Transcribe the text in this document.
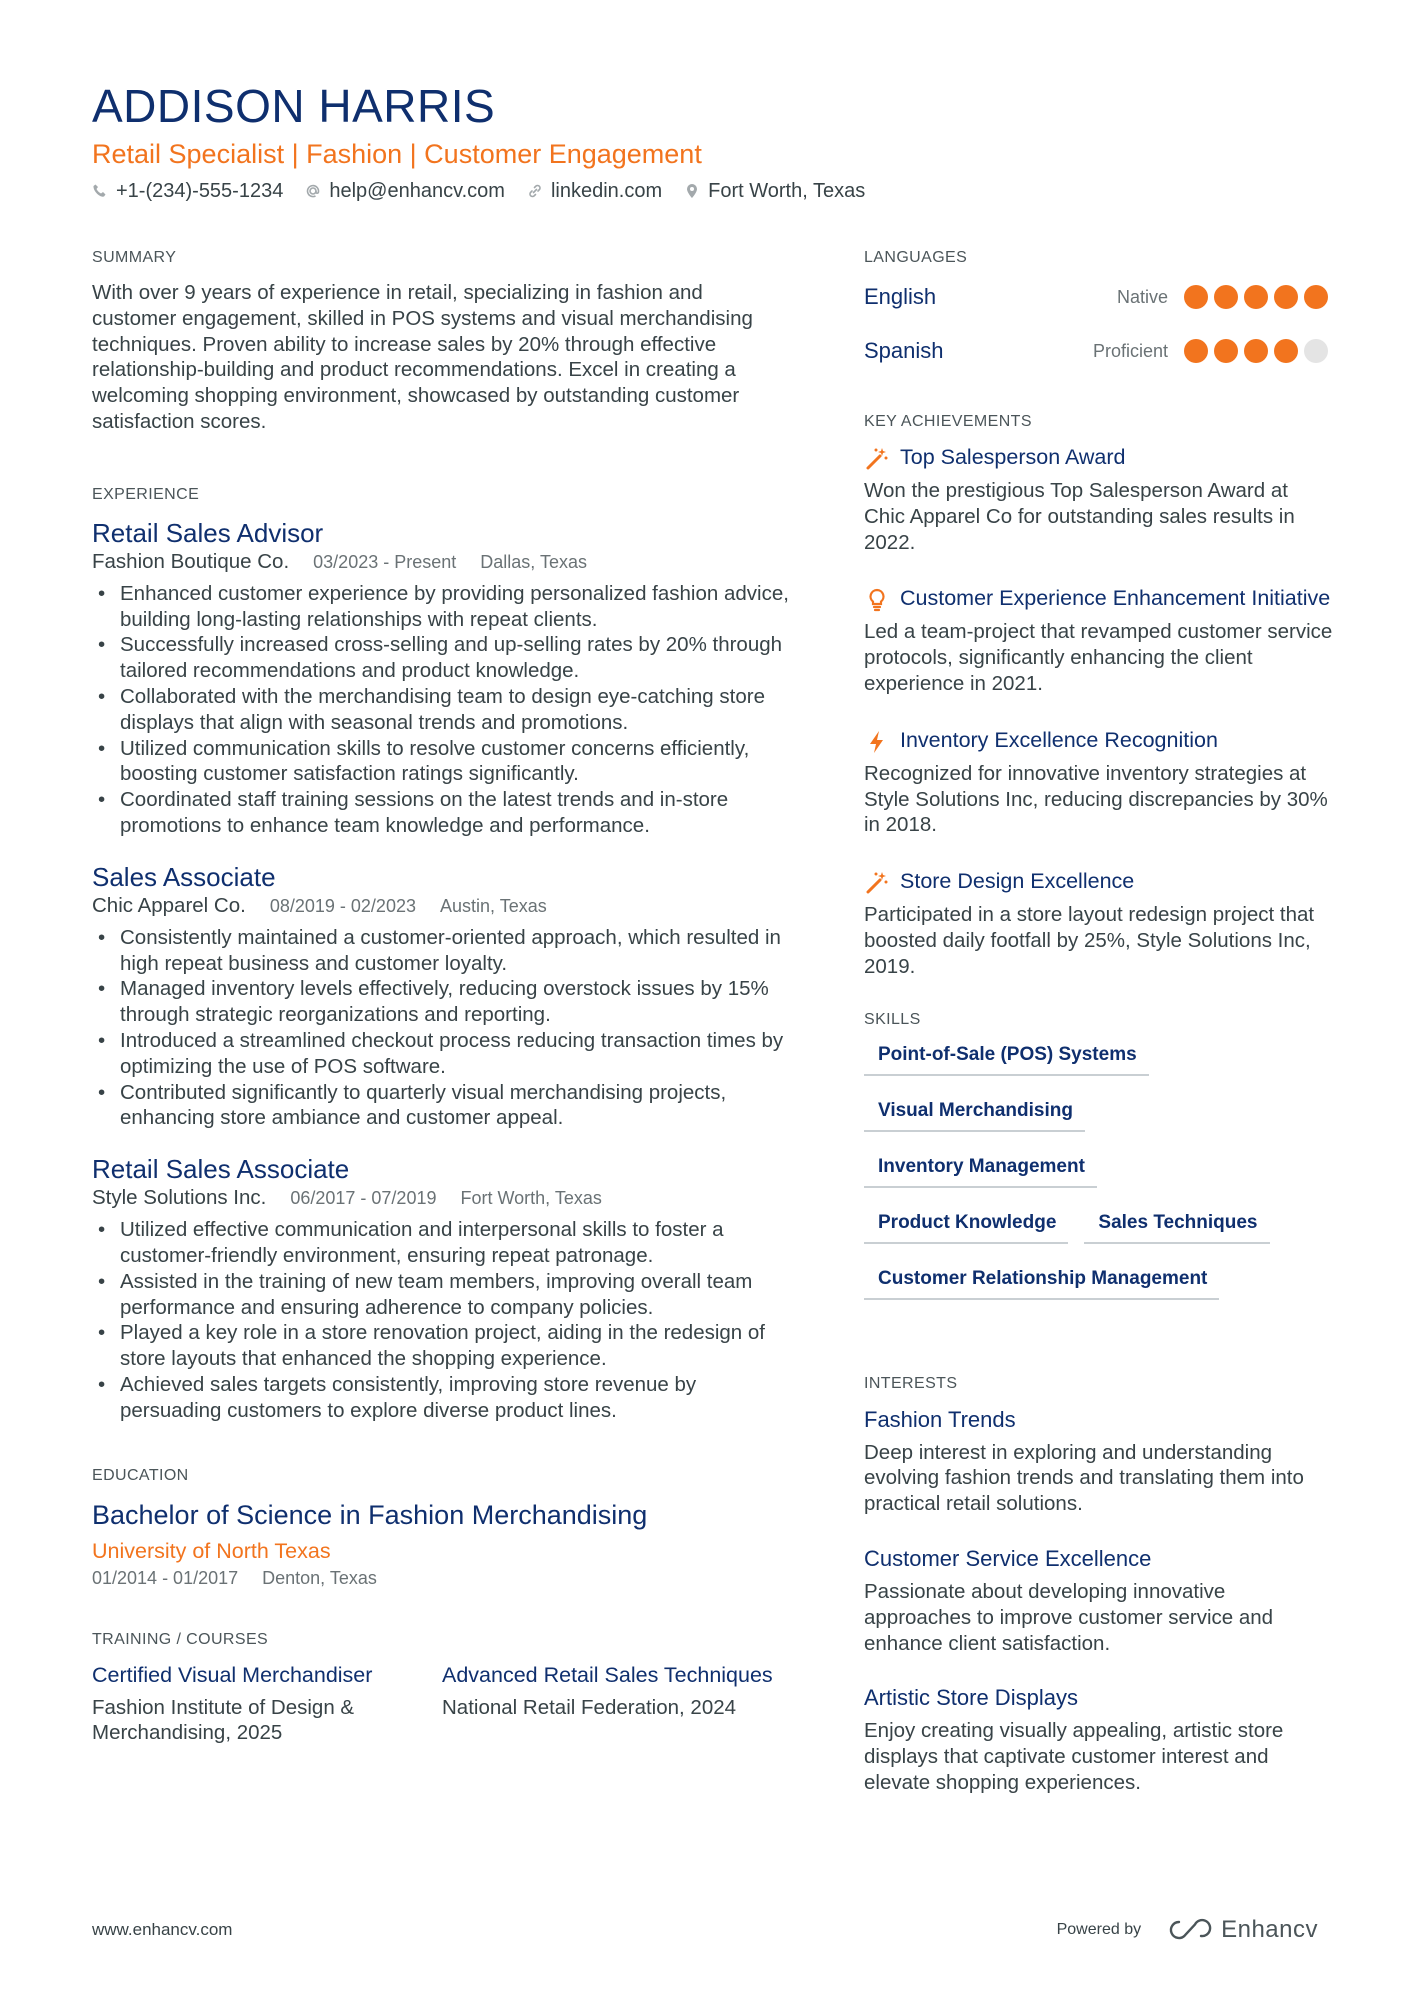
ADDISON HARRIS
Retail Specialist | Fashion | Customer Engagement
+1-(234)-555-1234 help@enhancv.com linkedin.com Fort Worth, Texas
SUMMARY
With over 9 years of experience in retail, specializing in fashion and customer engagement, skilled in POS systems and visual merchandising techniques. Proven ability to increase sales by 20% through effective relationship-building and product recommendations. Excel in creating a welcoming shopping environment, showcased by outstanding customer satisfaction scores.
EXPERIENCE
Retail Sales Advisor
Fashion Boutique Co. 03/2023 - Present Dallas, Texas
• Enhanced customer experience by providing personalized fashion advice, building long-lasting relationships with repeat clients.
• Successfully increased cross-selling and up-selling rates by 20% through tailored recommendations and product knowledge.
• Collaborated with the merchandising team to design eye-catching store displays that align with seasonal trends and promotions.
• Utilized communication skills to resolve customer concerns efficiently, boosting customer satisfaction ratings significantly.
• Coordinated staff training sessions on the latest trends and in-store promotions to enhance team knowledge and performance.
Sales Associate
Chic Apparel Co. 08/2019 - 02/2023 Austin, Texas
• Consistently maintained a customer-oriented approach, which resulted in high repeat business and customer loyalty.
• Managed inventory levels effectively, reducing overstock issues by 15% through strategic reorganizations and reporting.
• Introduced a streamlined checkout process reducing transaction times by optimizing the use of POS software.
• Contributed significantly to quarterly visual merchandising projects, enhancing store ambiance and customer appeal.
Retail Sales Associate
Style Solutions Inc. 06/2017 - 07/2019 Fort Worth, Texas
• Utilized effective communication and interpersonal skills to foster a customer-friendly environment, ensuring repeat patronage.
• Assisted in the training of new team members, improving overall team performance and ensuring adherence to company policies.
• Played a key role in a store renovation project, aiding in the redesign of store layouts that enhanced the shopping experience.
• Achieved sales targets consistently, improving store revenue by persuading customers to explore diverse product lines.
EDUCATION
Bachelor of Science in Fashion Merchandising
University of North Texas
01/2014 - 01/2017 Denton, Texas
TRAINING / COURSES
Certified Visual Merchandiser
Fashion Institute of Design & Merchandising, 2025
Advanced Retail Sales Techniques
National Retail Federation, 2024
LANGUAGES
English	Native
Spanish	Proficient
KEY ACHIEVEMENTS
Top Salesperson Award
Won the prestigious Top Salesperson Award at Chic Apparel Co for outstanding sales results in 2022.
Customer Experience Enhancement Initiative
Led a team-project that revamped customer service protocols, significantly enhancing the client experience in 2021.
Inventory Excellence Recognition
Recognized for innovative inventory strategies at Style Solutions Inc, reducing discrepancies by 30% in 2018.
Store Design Excellence
Participated in a store layout redesign project that boosted daily footfall by 25%, Style Solutions Inc, 2019.
SKILLS
Point-of-Sale (POS) Systems
Visual Merchandising
Inventory Management
Product Knowledge	Sales Techniques
Customer Relationship Management
INTERESTS
Fashion Trends
Deep interest in exploring and understanding evolving fashion trends and translating them into practical retail solutions.
Customer Service Excellence
Passionate about developing innovative approaches to improve customer service and enhance client satisfaction.
Artistic Store Displays
Enjoy creating visually appealing, artistic store displays that captivate customer interest and elevate shopping experiences.
www.enhancv.com	Powered by	Enhancv
